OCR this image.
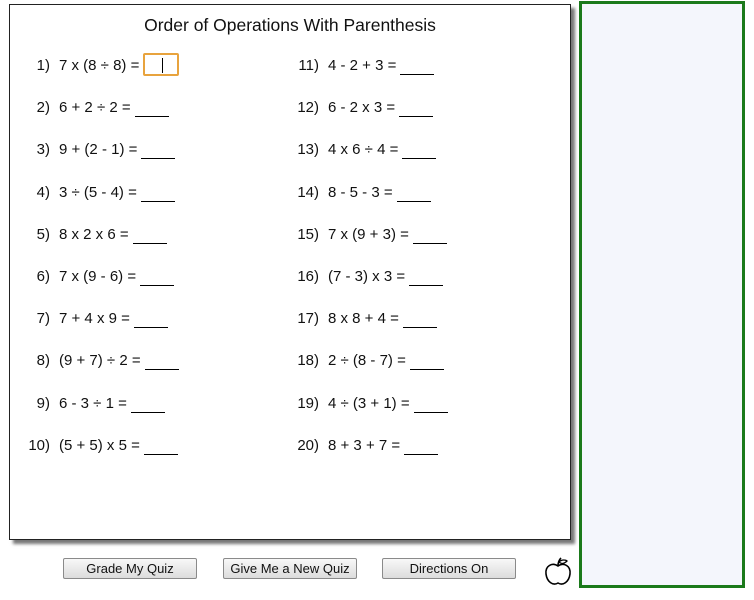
Order of Operations With Parenthesis
1) 7 x (8 ÷ 8) =
2) 6 + 2 ÷ 2 =
3) 9 + (2 - 1) =
4) 3 ÷ (5 - 4) =
5) 8 x 2 x 6 =
6) 7 x (9 - 6) =
7) 7 + 4 x 9 =
8) (9 + 7) ÷ 2 =
9) 6 - 3 ÷ 1 =
10) (5 + 5) x 5 =
11) 4 - 2 + 3 =
12) 6 - 2 x 3 =
13) 4 x 6 ÷ 4 =
14) 8 - 5 - 3 =
15) 7 x (9 + 3) =
16) (7 - 3) x 3 =
17) 8 x 8 + 4 =
18) 2 ÷ (8 - 7) =
19) 4 ÷ (3 + 1) =
20) 8 + 3 + 7 =
Grade My Quiz	Give Me a New Quiz	Directions On
